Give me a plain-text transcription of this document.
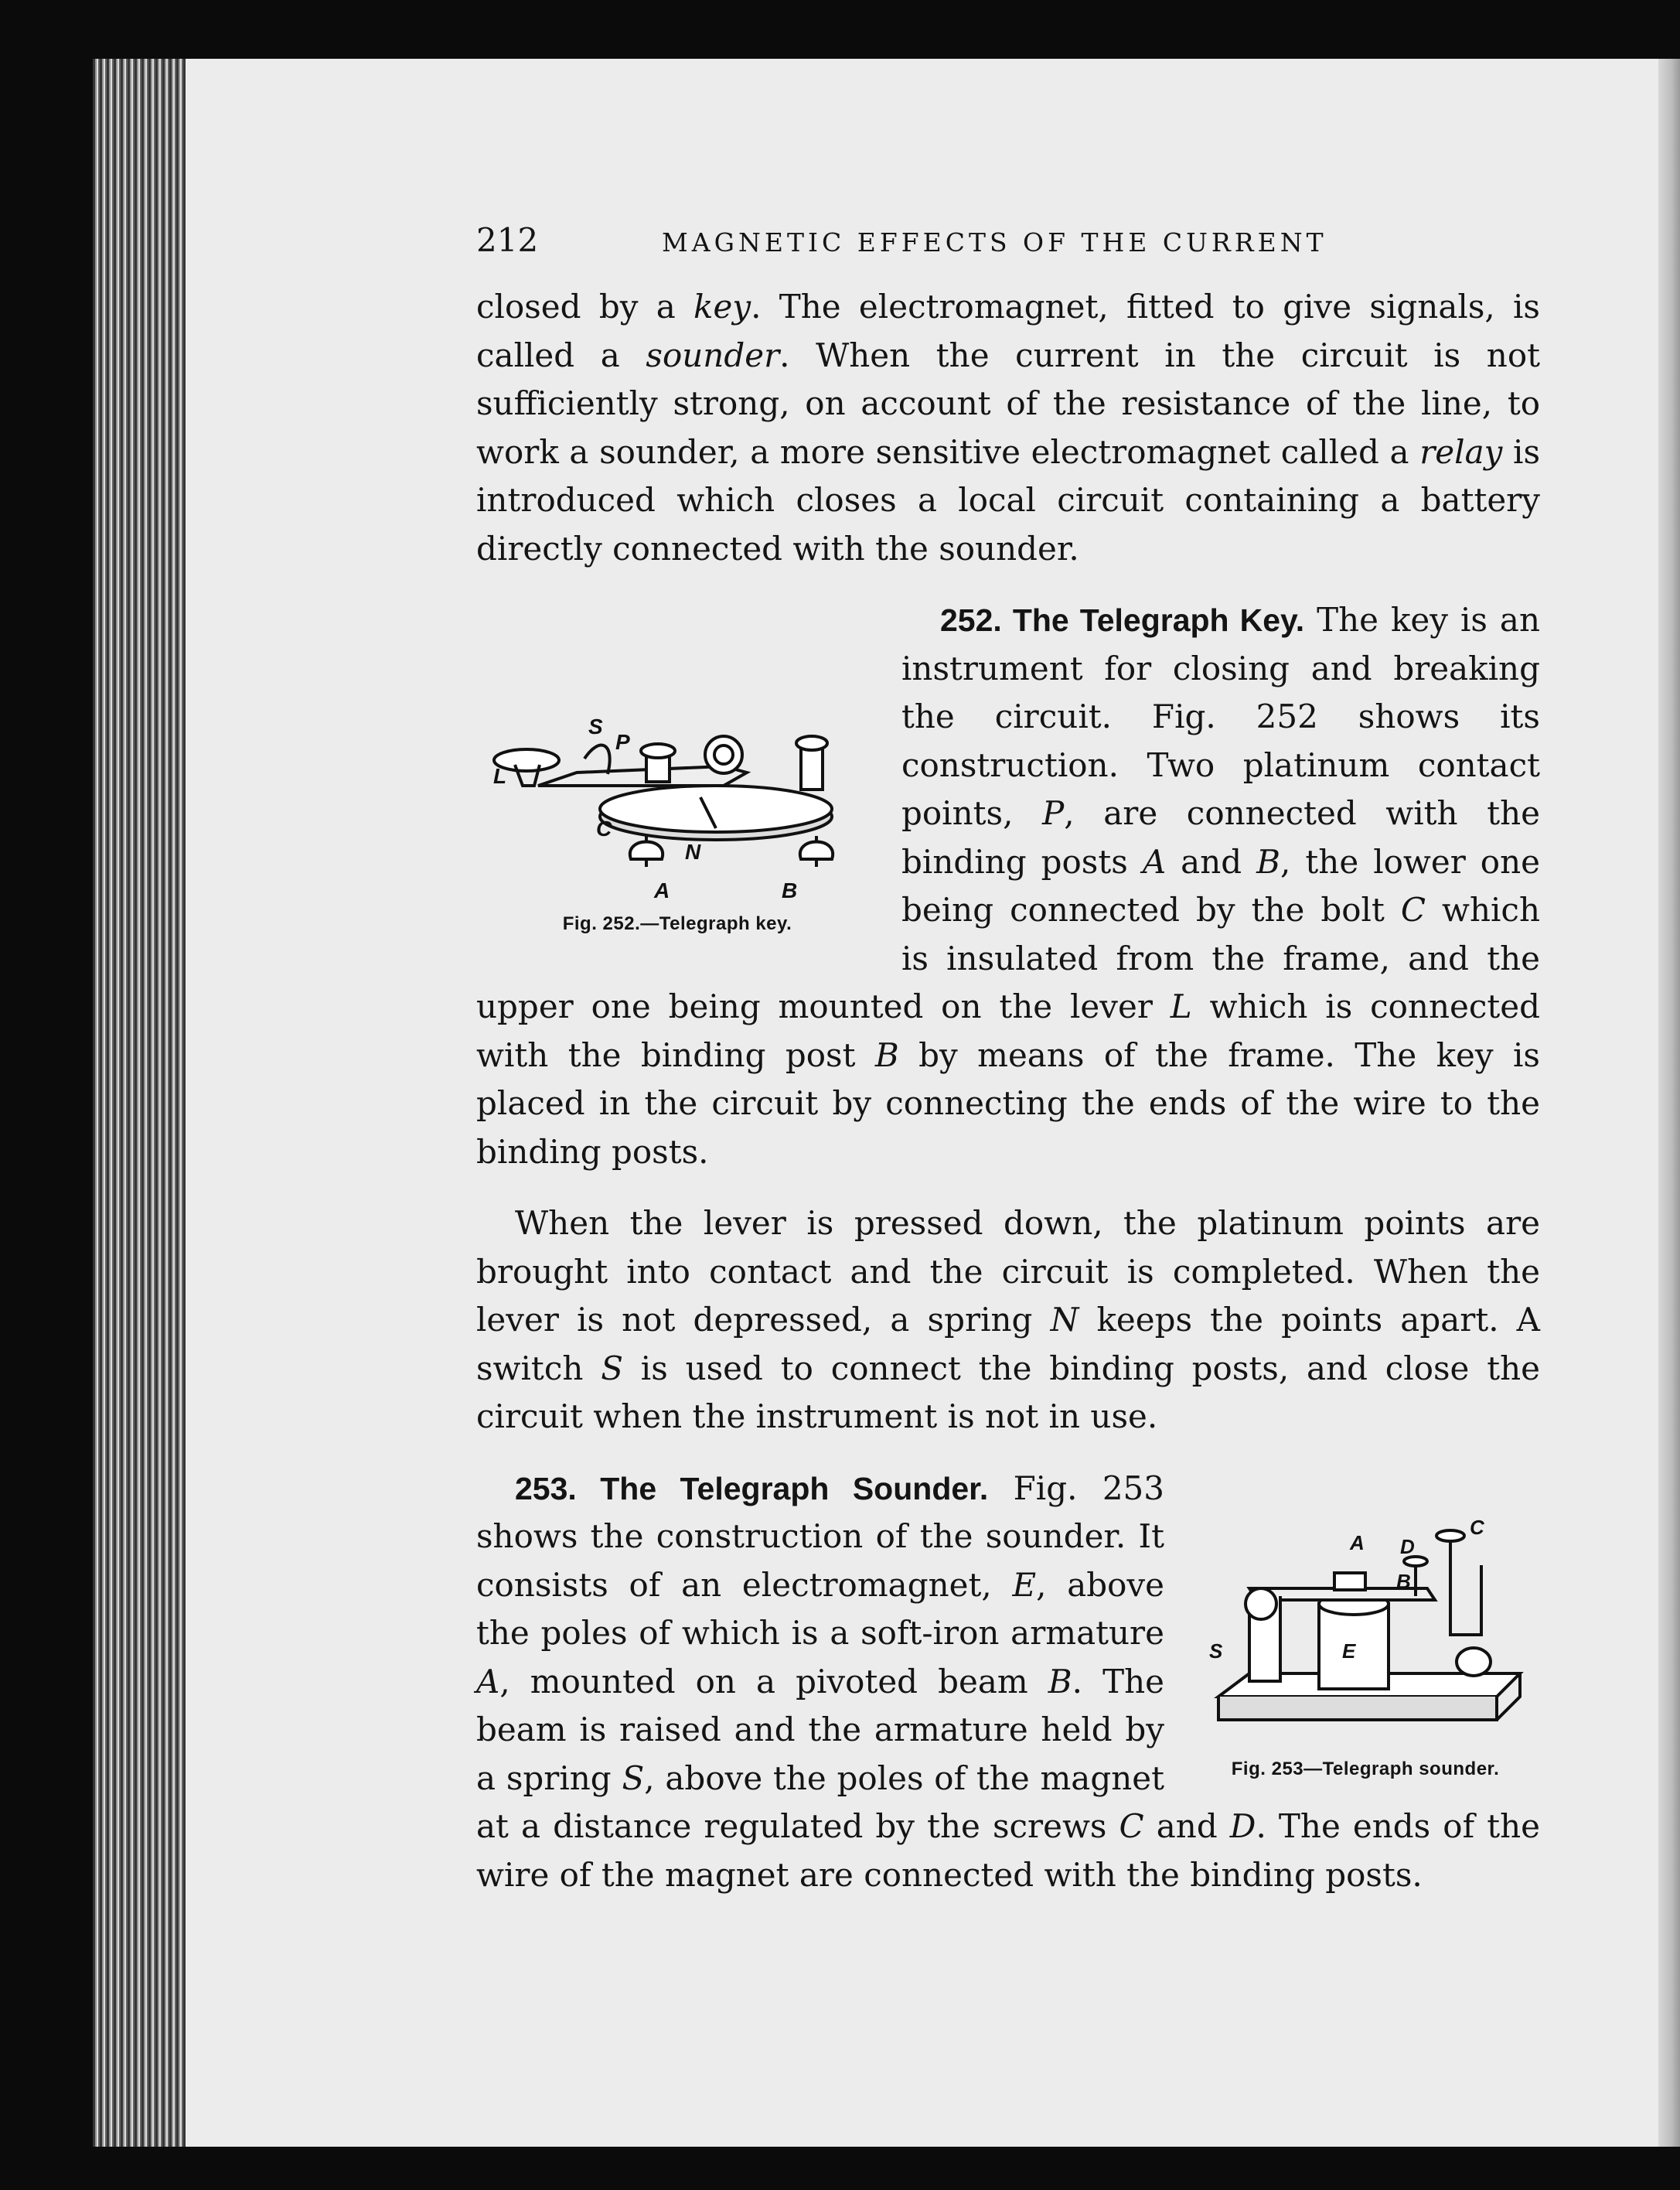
212	MAGNETIC EFFECTS OF THE CURRENT

closed by a key. The electromagnet, fitted to give signals, is called a sounder. When the current in the circuit is not sufficiently strong, on account of the resistance of the line, to work a sounder, a more sensitive electromagnet called a relay is introduced which closes a local circuit containing a battery directly connected with the sounder.

S
P
L
C
N
A	B
Fig. 252.—Telegraph key.

252. The Telegraph Key. The key is an instrument for closing and breaking the circuit. Fig. 252 shows its construction. Two platinum contact points, P, are connected with the binding posts A and B, the lower one being connected by the bolt C which is insulated from the frame, and the upper one being mounted on the lever L which is connected with the binding post B by means of the frame. The key is placed in the circuit by connecting the ends of the wire to the binding posts.

When the lever is pressed down, the platinum points are brought into contact and the circuit is completed. When the lever is not depressed, a spring N keeps the points apart. A switch S is used to connect the binding posts, and close the circuit when the instrument is not in use.

A
B
C
D
E
S
Fig. 253—Telegraph sounder.

253. The Telegraph Sounder. Fig. 253 shows the construction of the sounder. It consists of an electromagnet, E, above the poles of which is a soft-iron armature A, mounted on a pivoted beam B. The beam is raised and the armature held by a spring S, above the poles of the magnet at a distance regulated by the screws C and D. The ends of the wire of the magnet are connected with the binding posts.
